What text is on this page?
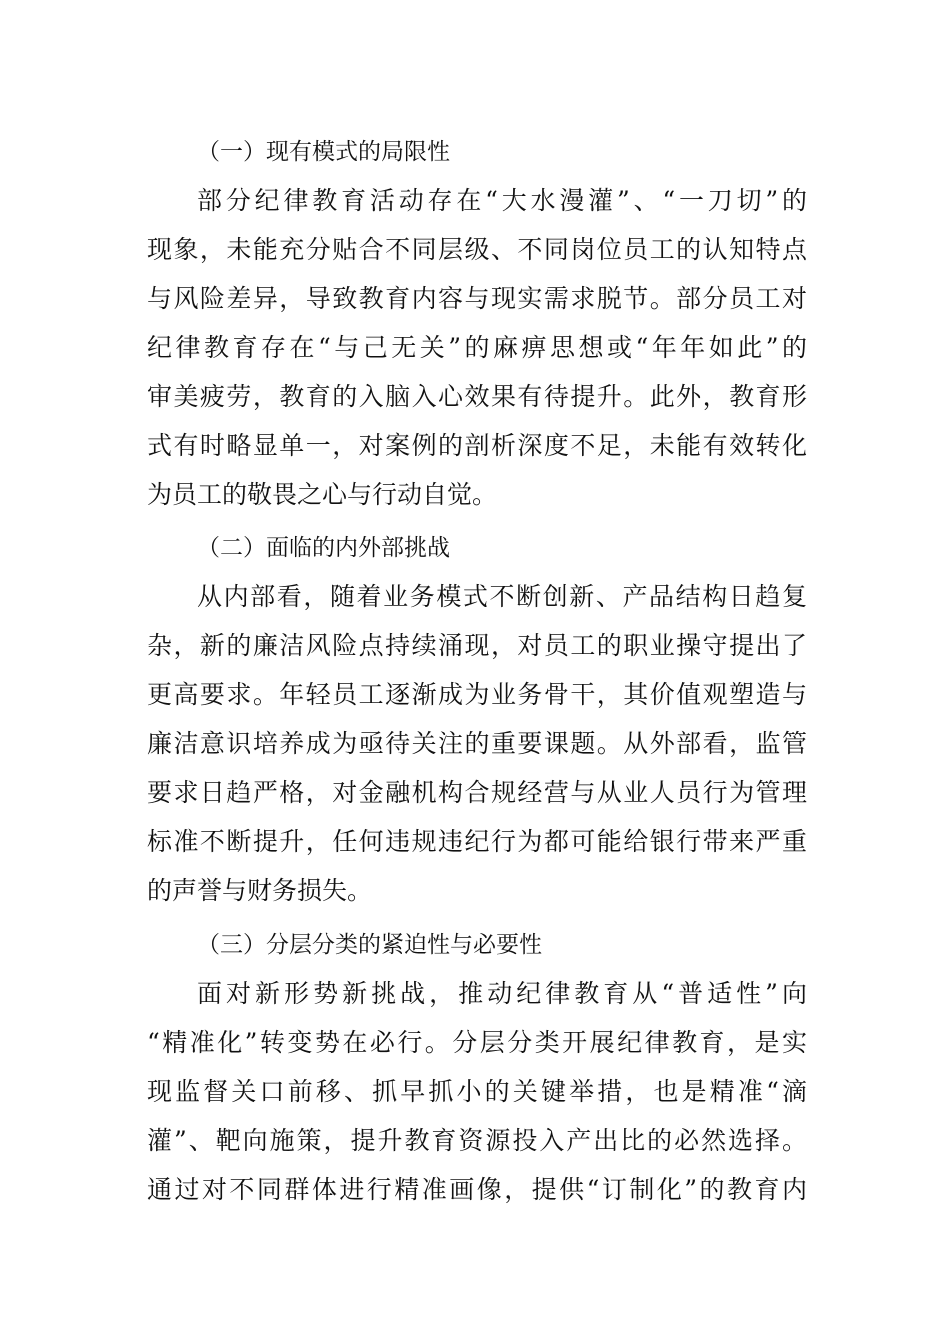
（一）现有模式的局限性
部分纪律教育活动存在“大水漫灌”、“一刀切”的
现象，未能充分贴合不同层级、不同岗位员工的认知特点
与风险差异，导致教育内容与现实需求脱节。部分员工对
纪律教育存在“与己无关”的麻痹思想或“年年如此”的
审美疲劳，教育的入脑入心效果有待提升。此外，教育形
式有时略显单一，对案例的剖析深度不足，未能有效转化
为员工的敬畏之心与行动自觉。
（二）面临的内外部挑战
从内部看，随着业务模式不断创新、产品结构日趋复
杂，新的廉洁风险点持续涌现，对员工的职业操守提出了
更高要求。年轻员工逐渐成为业务骨干，其价值观塑造与
廉洁意识培养成为亟待关注的重要课题。从外部看，监管
要求日趋严格，对金融机构合规经营与从业人员行为管理
标准不断提升，任何违规违纪行为都可能给银行带来严重
的声誉与财务损失。
（三）分层分类的紧迫性与必要性
面对新形势新挑战，推动纪律教育从“普适性”向
“精准化”转变势在必行。分层分类开展纪律教育，是实
现监督关口前移、抓早抓小的关键举措，也是精准“滴
灌”、靶向施策，提升教育资源投入产出比的必然选择。
通过对不同群体进行精准画像，提供“订制化”的教育内
